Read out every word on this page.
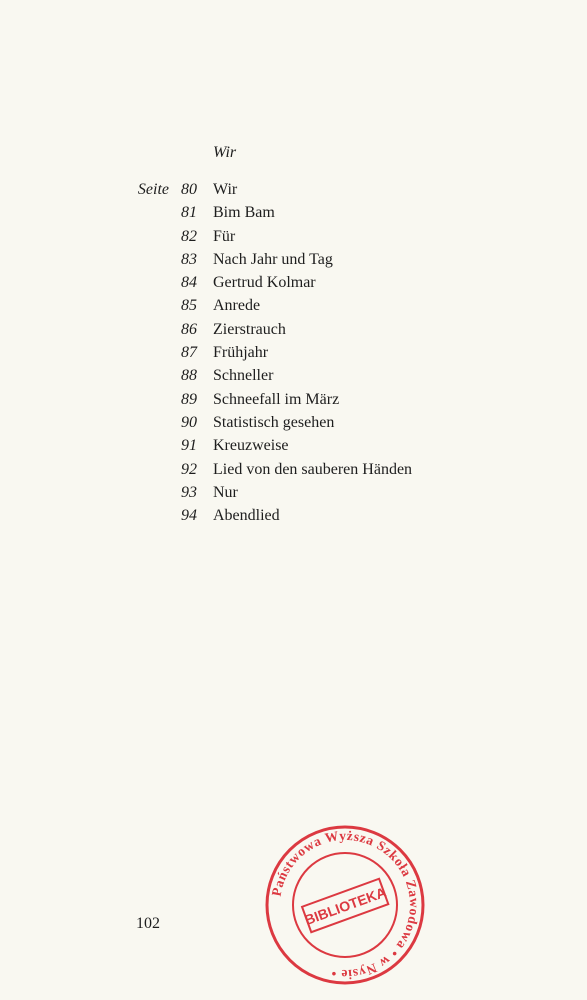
Wir
Seite 80 Wir
81 Bim Bam
82 Für
83 Nach Jahr und Tag
84 Gertrud Kolmar
85 Anrede
86 Zierstrauch
87 Frühjahr
88 Schneller
89 Schneefall im März
90 Statistisch gesehen
91 Kreuzweise
92 Lied von den sauberen Händen
93 Nur
94 Abendlied
102
Państwowa Wyższa Szkoła Zawodowa • w Nysie •
BIBLIOTEKA
